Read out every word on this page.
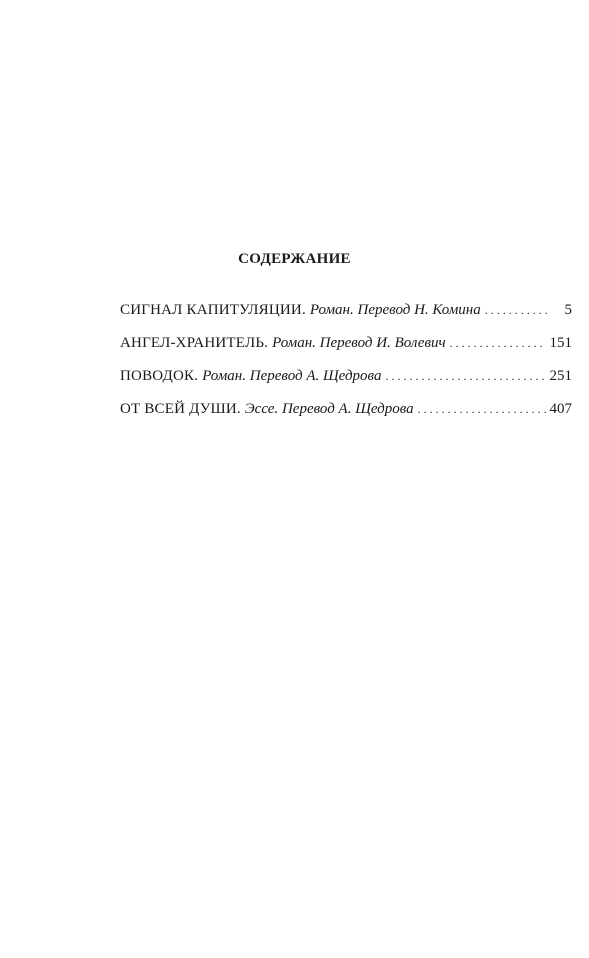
СОДЕРЖАНИЕ
СИГНАЛ КАПИТУЛЯЦИИ. Роман. Перевод Н. Комина . . .	5
АНГЕЛ-ХРАНИТЕЛЬ. Роман. Перевод И. Волевич . . .	151
ПОВОДОК. Роман. Перевод А. Щедрова . . .	251
ОТ ВСЕЙ ДУШИ. Эссе. Перевод А. Щедрова . . .	407
